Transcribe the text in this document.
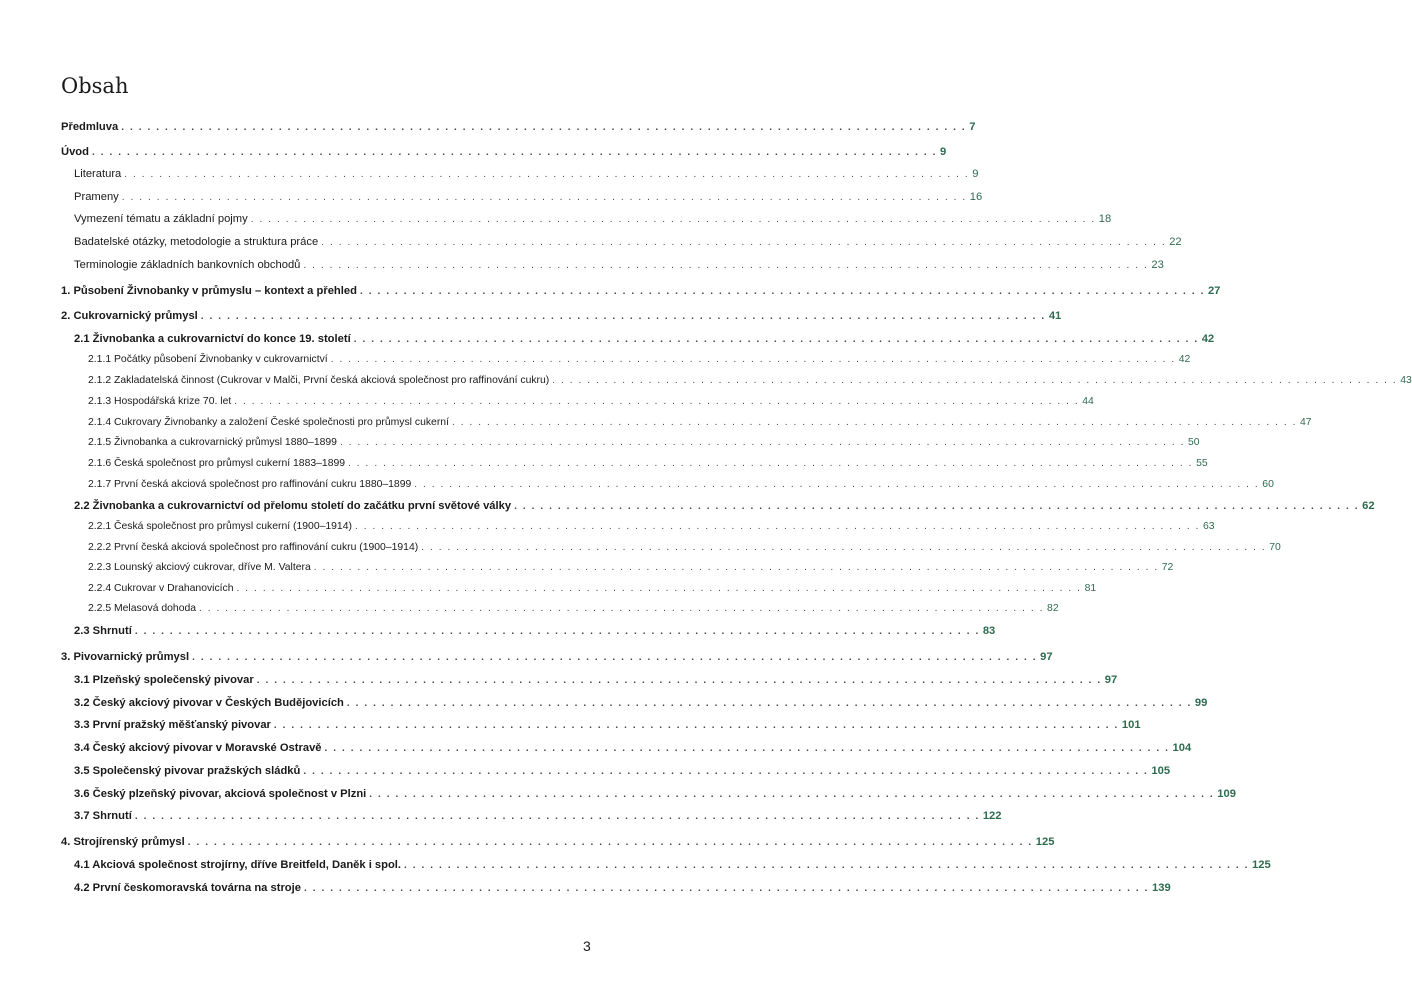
Obsah
Předmluva . . .	7
Úvod . . .	9
Literatura . . .	9
Prameny . . .	16
Vymezení tématu a základní pojmy . . .	18
Badatelské otázky, metodologie a struktura práce . . .	22
Terminologie základních bankovních obchodů . . .	23
1. Působení Živnobanky v průmyslu – kontext a přehled . . .	27
2. Cukrovarnický průmysl . . .	41
2.1 Živnobanka a cukrovarnictví do konce 19. století . . .	42
2.1.1 Počátky působení Živnobanky v cukrovarnictví . . .	42
2.1.2 Zakladatelská činnost (Cukrovar v Malči, První česká akciová společnost pro raffinování cukru) . . .	43
2.1.3 Hospodářská krize 70. let . . .	44
2.1.4 Cukrovary Živnobanky a založení České společnosti pro průmysl cukerní . . .	47
2.1.5 Živnobanka a cukrovarnický průmysl 1880–1899 . . .	50
2.1.6 Česká společnost pro průmysl cukerní 1883–1899 . . .	55
2.1.7 První česká akciová společnost pro raffinování cukru 1880–1899 . . .	60
2.2 Živnobanka a cukrovarnictví od přelomu století do začátku první světové války . . .	62
2.2.1 Česká společnost pro průmysl cukerní (1900–1914) . . .	63
2.2.2 První česká akciová společnost pro raffinování cukru (1900–1914) . . .	70
2.2.3 Lounský akciový cukrovar, dříve M. Valtera . . .	72
2.2.4 Cukrovar v Drahanovicích . . .	81
2.2.5 Melasová dohoda . . .	82
2.3 Shrnutí . . .	83
3. Pivovarnický průmysl . . .	97
3.1 Plzeňský společenský pivovar . . .	97
3.2 Český akciový pivovar v Českých Budějovicích . . .	99
3.3 První pražský měšťanský pivovar . . .	101
3.4 Český akciový pivovar v Moravské Ostravě . . .	104
3.5 Společenský pivovar pražských sládků . . .	105
3.6 Český plzeňský pivovar, akciová společnost v Plzni . . .	109
3.7 Shrnutí . . .	122
4. Strojírenský průmysl . . .	125
4.1 Akciová společnost strojírny, dříve Breitfeld, Daněk i spol. . . .	125
4.2 První českomoravská továrna na stroje . . .	139
3
